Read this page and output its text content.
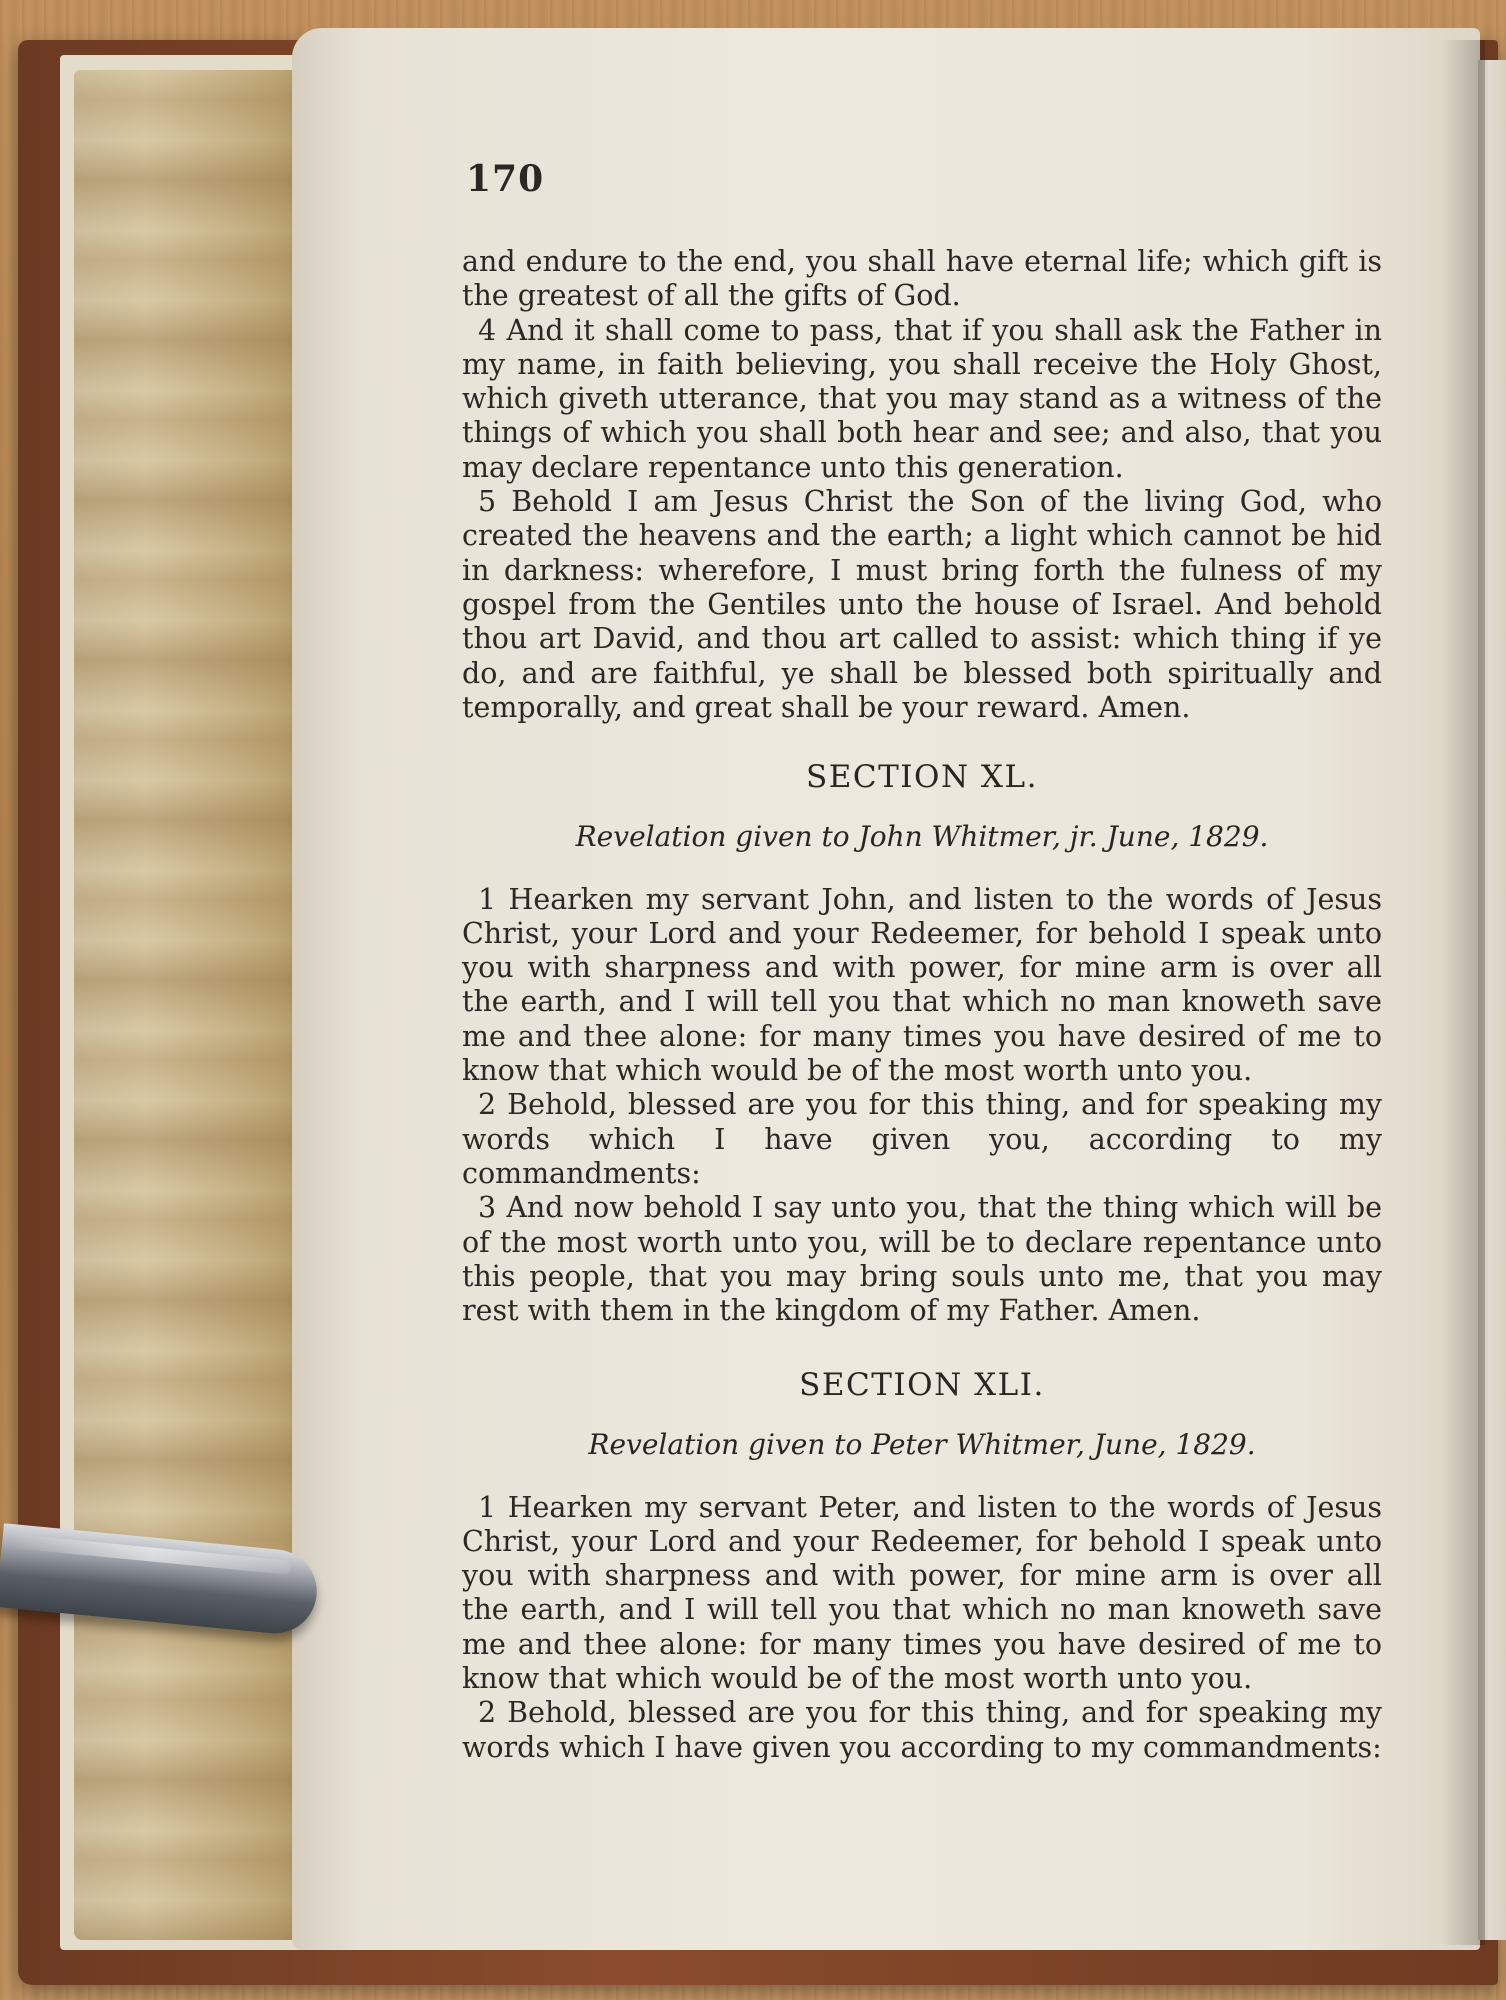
170

and endure to the end, you shall have eternal life; which gift is the greatest of all the gifts of God.

4 And it shall come to pass, that if you shall ask the Father in my name, in faith believing, you shall receive the Holy Ghost, which giveth utterance, that you may stand as a witness of the things of which you shall both hear and see; and also, that you may declare repentance unto this generation.

5 Behold I am Jesus Christ the Son of the living God, who created the heavens and the earth; a light which cannot be hid in darkness: wherefore, I must bring forth the fulness of my gospel from the Gentiles unto the house of Israel. And behold thou art David, and thou art called to assist: which thing if ye do, and are faithful, ye shall be blessed both spiritually and temporally, and great shall be your reward. Amen.

SECTION XL.

Revelation given to John Whitmer, jr. June, 1829.

1 Hearken my servant John, and listen to the words of Jesus Christ, your Lord and your Redeemer, for behold I speak unto you with sharpness and with power, for mine arm is over all the earth, and I will tell you that which no man knoweth save me and thee alone: for many times you have desired of me to know that which would be of the most worth unto you.

2 Behold, blessed are you for this thing, and for speaking my words which I have given you, according to my commandments:

3 And now behold I say unto you, that the thing which will be of the most worth unto you, will be to declare repentance unto this people, that you may bring souls unto me, that you may rest with them in the kingdom of my Father. Amen.

SECTION XLI.

Revelation given to Peter Whitmer, June, 1829.

1 Hearken my servant Peter, and listen to the words of Jesus Christ, your Lord and your Redeemer, for behold I speak unto you with sharpness and with power, for mine arm is over all the earth, and I will tell you that which no man knoweth save me and thee alone: for many times you have desired of me to know that which would be of the most worth unto you.

2 Behold, blessed are you for this thing, and for speaking my words which I have given you according to my commandments:
